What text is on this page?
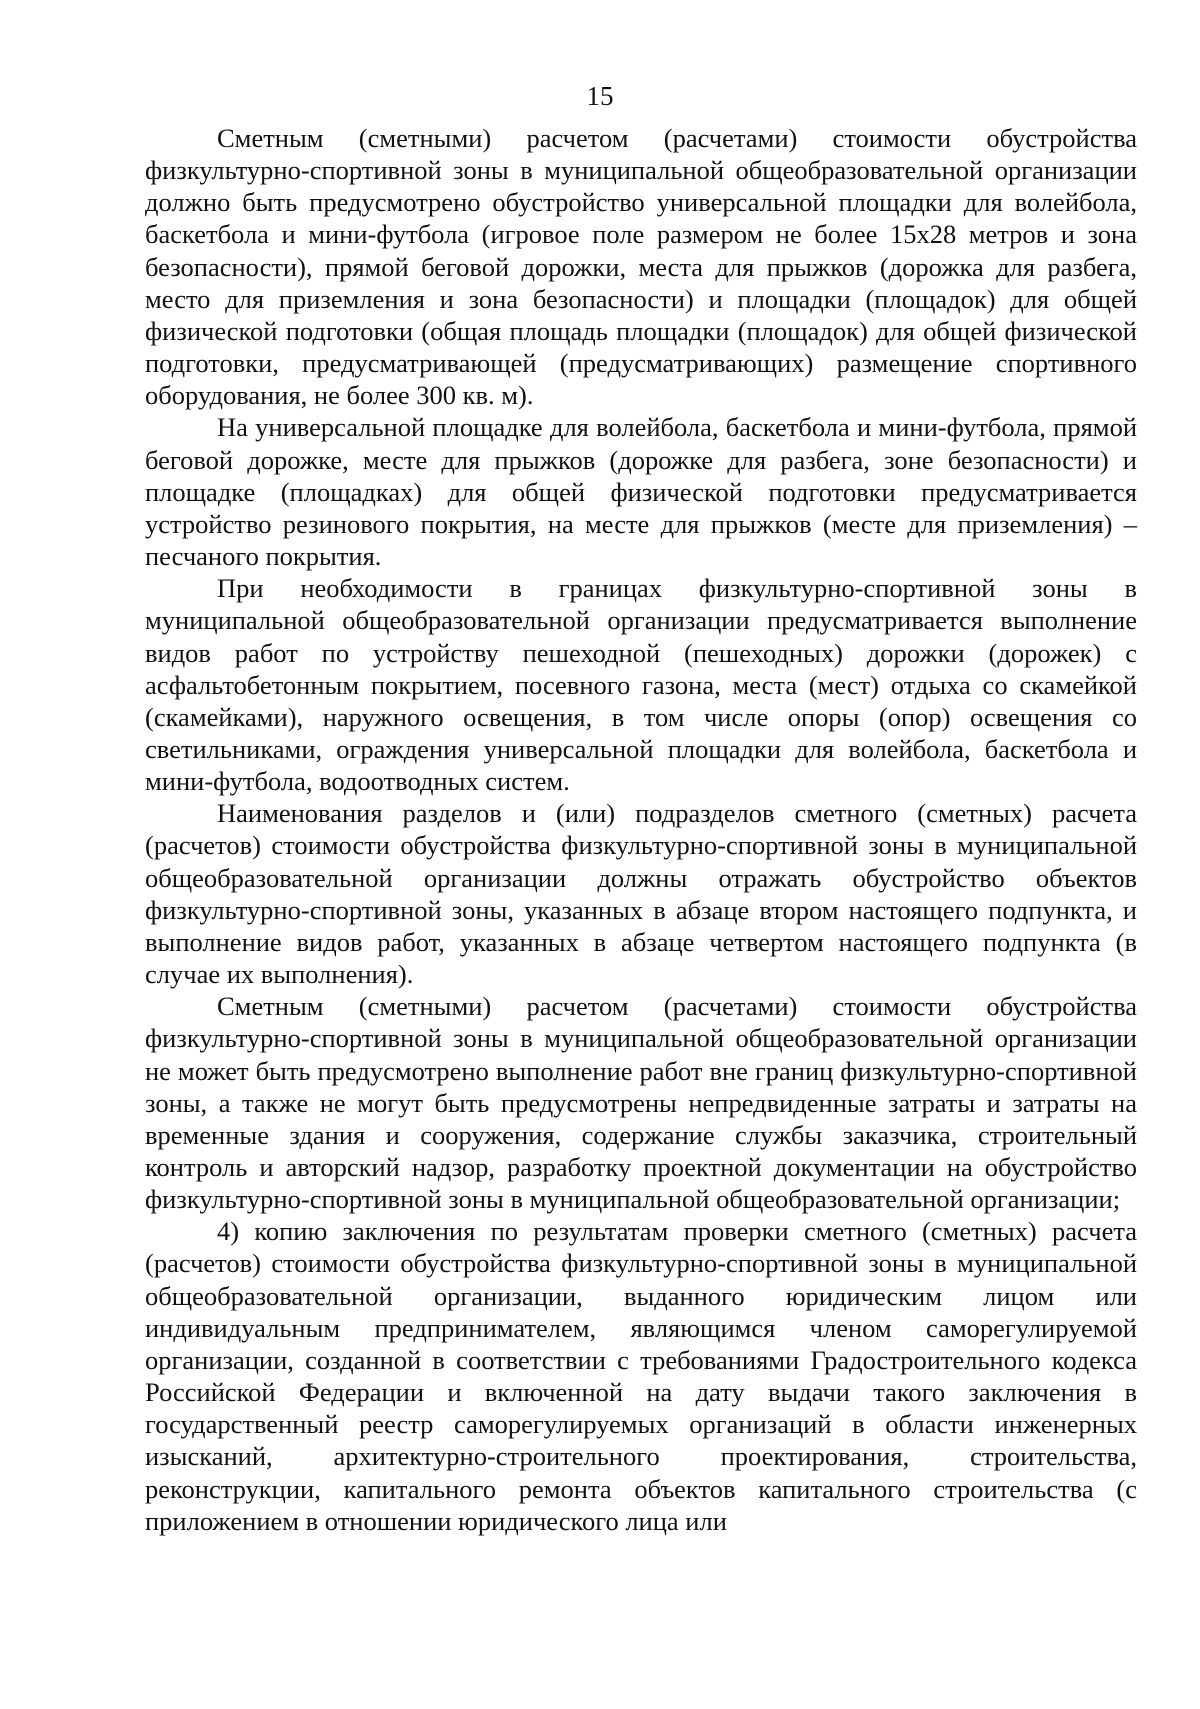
15

Сметным (сметными) расчетом (расчетами) стоимости обустройства физкультурно-спортивной зоны в муниципальной общеобразовательной организации должно быть предусмотрено обустройство универсальной площадки для волейбола, баскетбола и мини-футбола (игровое поле размером не более 15x28 метров и зона безопасности), прямой беговой дорожки, места для прыжков (дорожка для разбега, место для приземления и зона безопасности) и площадки (площадок) для общей физической подготовки (общая площадь площадки (площадок) для общей физической подготовки, предусматривающей (предусматривающих) размещение спортивного оборудования, не более 300 кв. м).

На универсальной площадке для волейбола, баскетбола и мини-футбола, прямой беговой дорожке, месте для прыжков (дорожке для разбега, зоне безопасности) и площадке (площадках) для общей физической подготовки предусматривается устройство резинового покрытия, на месте для прыжков (месте для приземления) – песчаного покрытия.

При необходимости в границах физкультурно-спортивной зоны в муниципальной общеобразовательной организации предусматривается выполнение видов работ по устройству пешеходной (пешеходных) дорожки (дорожек) с асфальтобетонным покрытием, посевного газона, места (мест) отдыха со скамейкой (скамейками), наружного освещения, в том числе опоры (опор) освещения со светильниками, ограждения универсальной площадки для волейбола, баскетбола и мини-футбола, водоотводных систем.

Наименования разделов и (или) подразделов сметного (сметных) расчета (расчетов) стоимости обустройства физкультурно-спортивной зоны в муниципальной общеобразовательной организации должны отражать обустройство объектов физкультурно-спортивной зоны, указанных в абзаце втором настоящего подпункта, и выполнение видов работ, указанных в абзаце четвертом настоящего подпункта (в случае их выполнения).

Сметным (сметными) расчетом (расчетами) стоимости обустройства физкультурно-спортивной зоны в муниципальной общеобразовательной организации не может быть предусмотрено выполнение работ вне границ физкультурно-спортивной зоны, а также не могут быть предусмотрены непредвиденные затраты и затраты на временные здания и сооружения, содержание службы заказчика, строительный контроль и авторский надзор, разработку проектной документации на обустройство физкультурно-спортивной зоны в муниципальной общеобразовательной организации;

4) копию заключения по результатам проверки сметного (сметных) расчета (расчетов) стоимости обустройства физкультурно-спортивной зоны в муниципальной общеобразовательной организации, выданного юридическим лицом или индивидуальным предпринимателем, являющимся членом саморегулируемой организации, созданной в соответствии с требованиями Градостроительного кодекса Российской Федерации и включенной на дату выдачи такого заключения в государственный реестр саморегулируемых организаций в области инженерных изысканий, архитектурно-строительного проектирования, строительства, реконструкции, капитального ремонта объектов капитального строительства (с приложением в отношении юридического лица или
